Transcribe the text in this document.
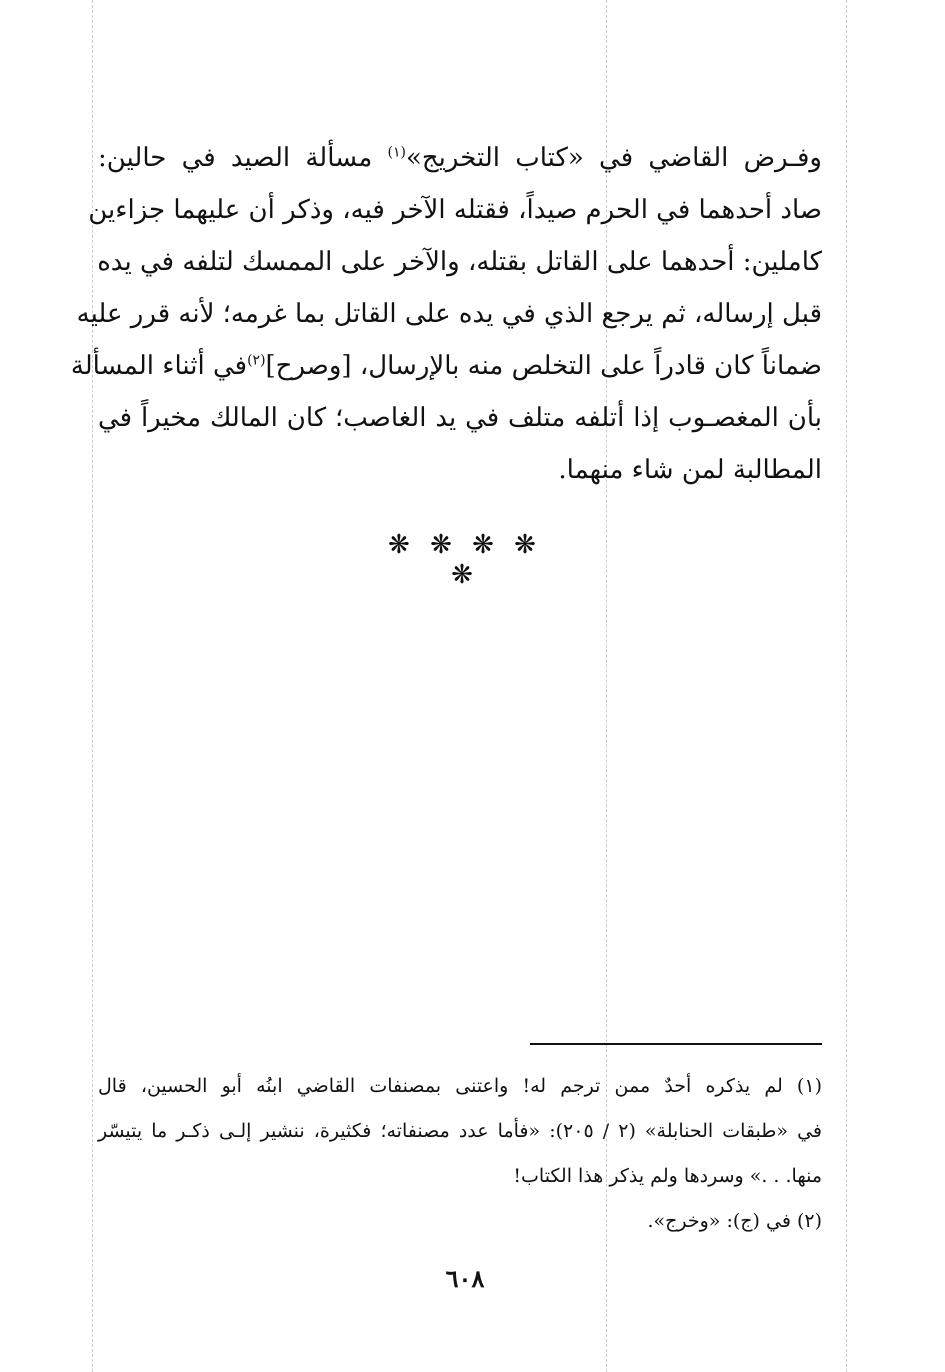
وفـرض القاضي في «كتاب التخريج»$^{(١)}$ مسألة الصيد في حالين:
صاد أحدهما في الحرم صيداً، فقتله الآخر فيه، وذكر أن عليهما جزاءين
كاملين: أحدهما على القاتل بقتله، والآخر على الممسك لتلفه في يده
قبل إرساله، ثم يرجع الذي في يده على القاتل بما غرمه؛ لأنه قرر عليه
ضماناً كان قادراً على التخلص منه بالإرسال، [وصرح]$^{(٢)}$في أثناء المسألة
بأن المغصـوب إذا أتلفه متلف في يد الغاصب؛ كان المالك مخيراً في
المطالبة لمن شاء منهما.
❋ ❋ ❋ ❋ ❋
(١) لم يذكره أحدٌ ممن ترجم له! واعتنى بمصنفات القاضي ابنُه أبو الحسين، قال
في «طبقات الحنابلة» (٢ / ٢٠٥): «فأما عدد مصنفاته؛ فكثيرة، ننشير إلـى ذكـر ما يتيسّر
منها. . .» وسردها ولم يذكر هذا الكتاب!
(٢) في (ج): «وخرج».
٦٠٨
